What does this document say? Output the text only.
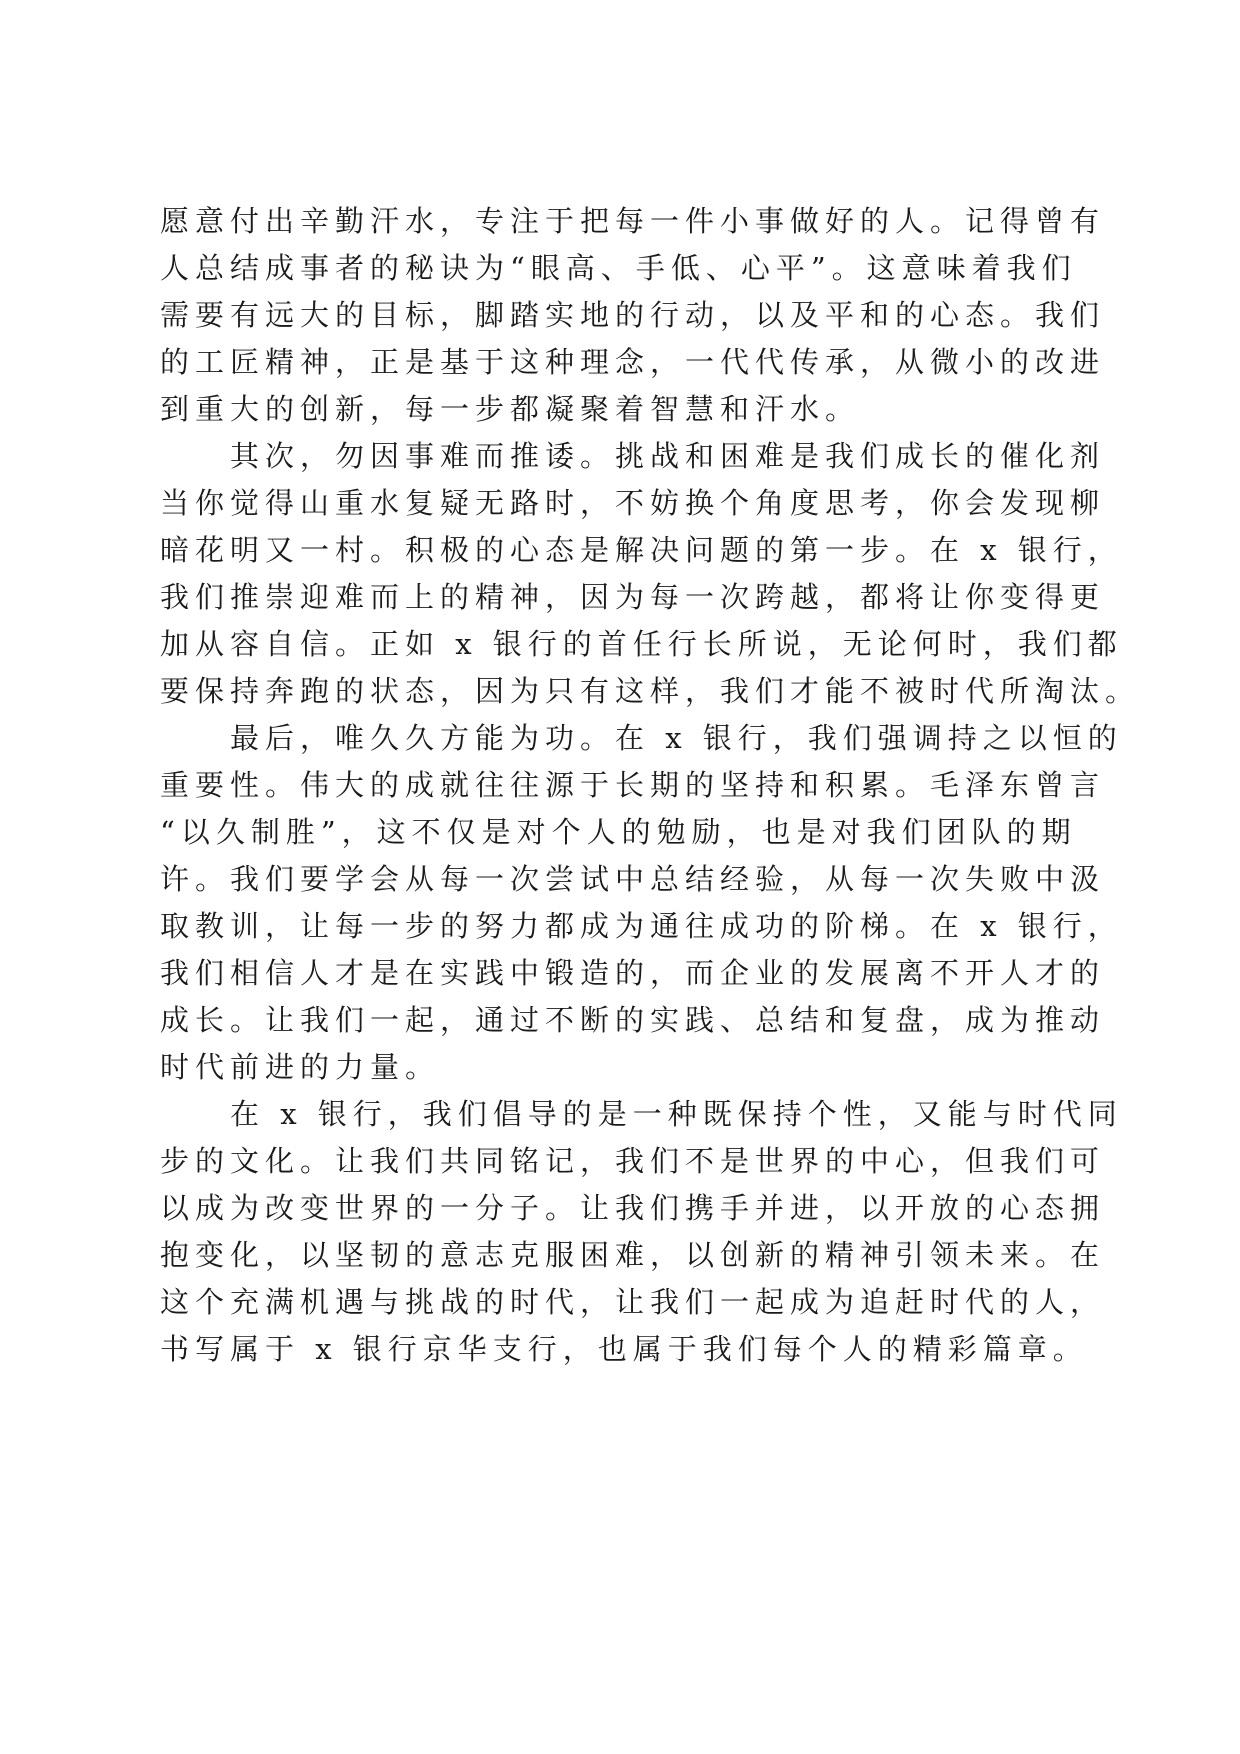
愿意付出辛勤汗水，专注于把每一件小事做好的人。记得曾有
人总结成事者的秘诀为“眼高、手低、心平”。这意味着我们
需要有远大的目标，脚踏实地的行动，以及平和的心态。我们
的工匠精神，正是基于这种理念，一代代传承，从微小的改进
到重大的创新，每一步都凝聚着智慧和汗水。
　　其次，勿因事难而推诿。挑战和困难是我们成长的催化剂
当你觉得山重水复疑无路时，不妨换个角度思考，你会发现柳
暗花明又一村。积极的心态是解决问题的第一步。在 x 银行，
我们推崇迎难而上的精神，因为每一次跨越，都将让你变得更
加从容自信。正如 x 银行的首任行长所说，无论何时，我们都
要保持奔跑的状态，因为只有这样，我们才能不被时代所淘汰。
　　最后，唯久久方能为功。在 x 银行，我们强调持之以恒的
重要性。伟大的成就往往源于长期的坚持和积累。毛泽东曾言
“以久制胜”，这不仅是对个人的勉励，也是对我们团队的期
许。我们要学会从每一次尝试中总结经验，从每一次失败中汲
取教训，让每一步的努力都成为通往成功的阶梯。在 x 银行，
我们相信人才是在实践中锻造的，而企业的发展离不开人才的
成长。让我们一起，通过不断的实践、总结和复盘，成为推动
时代前进的力量。
　　在 x 银行，我们倡导的是一种既保持个性，又能与时代同
步的文化。让我们共同铭记，我们不是世界的中心，但我们可
以成为改变世界的一分子。让我们携手并进，以开放的心态拥
抱变化，以坚韧的意志克服困难，以创新的精神引领未来。在
这个充满机遇与挑战的时代，让我们一起成为追赶时代的人，
书写属于 x 银行京华支行，也属于我们每个人的精彩篇章。
